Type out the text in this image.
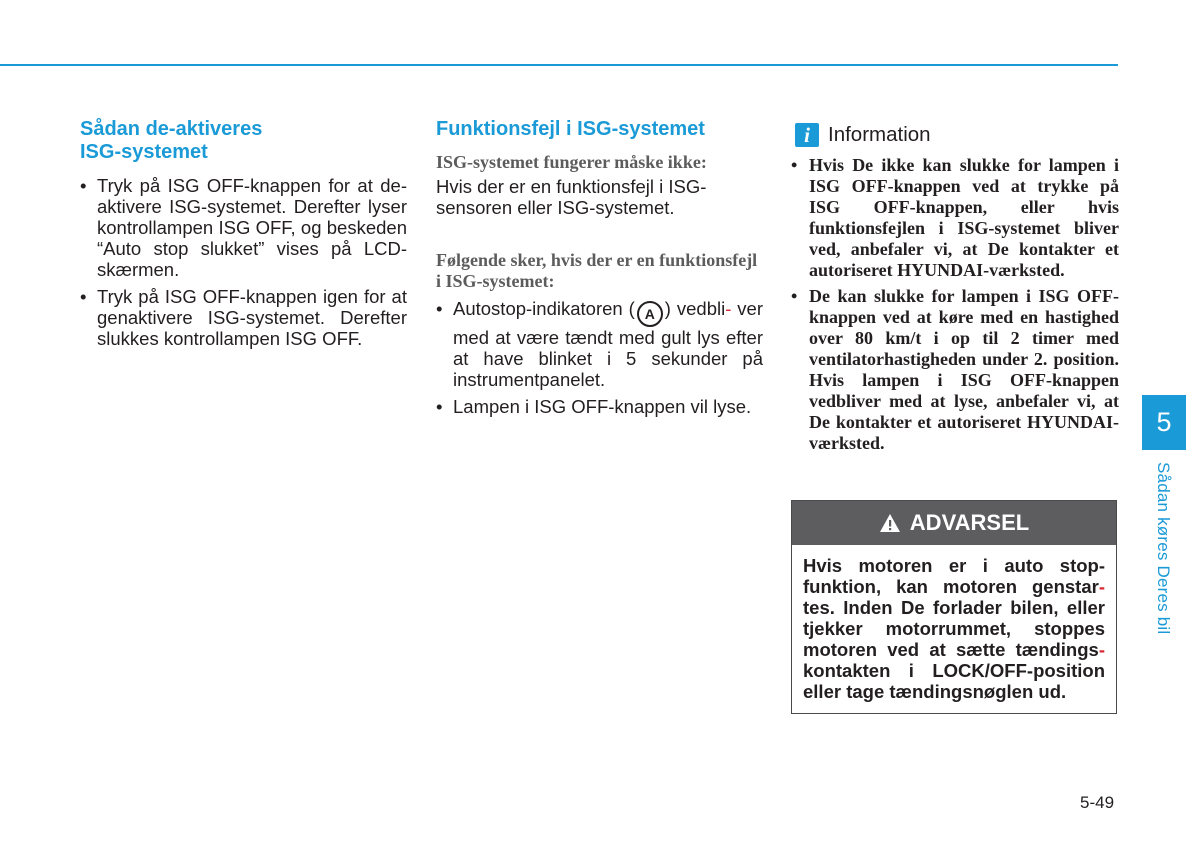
Sådan de-aktiveres
ISG-systemet
• Tryk på ISG OFF-knappen for at de-aktivere ISG-systemet. Derefter lyser kontrollampen ISG OFF, og beskeden “Auto stop slukket” vises på LCD-skærmen.
• Tryk på ISG OFF-knappen igen for at genaktivere ISG-systemet. Derefter slukkes kontrollampen ISG OFF.
Funktionsfejl i ISG-systemet
ISG-systemet fungerer måske ikke:
Hvis der er en funktionsfejl i ISG-sensoren eller ISG-systemet.
Følgende sker, hvis der er en funktionsfejl i ISG-systemet:
• Autostop-indikatoren ( A ) vedbli- ver med at være tændt med gult lys efter at have blinket i 5 sekunder på instrumentpanelet.
• Lampen i ISG OFF-knappen vil lyse.
i Information
• Hvis De ikke kan slukke for lampen i ISG OFF-knappen ved at trykke på ISG OFF-knappen, eller hvis funktionsfejlen i ISG-systemet bliver ved, anbefaler vi, at De kontakter et autoriseret HYUNDAI-værksted.
• De kan slukke for lampen i ISG OFF-knappen ved at køre med en hastighed over 80 km/t i op til 2 timer med ventilatorhastigheden under 2. position. Hvis lampen i ISG OFF-knappen vedbliver med at lyse, anbefaler vi, at De kontakter et autoriseret HYUNDAI-værksted.
ADVARSEL
Hvis motoren er i auto stop-funktion, kan motoren genstar- tes. Inden De forlader bilen, eller tjekker motorrummet, stoppes motoren ved at sætte tændings- kontakten i LOCK/OFF-position eller tage tændingsnøglen ud.
5
Sådan køres Deres bil
5-49
